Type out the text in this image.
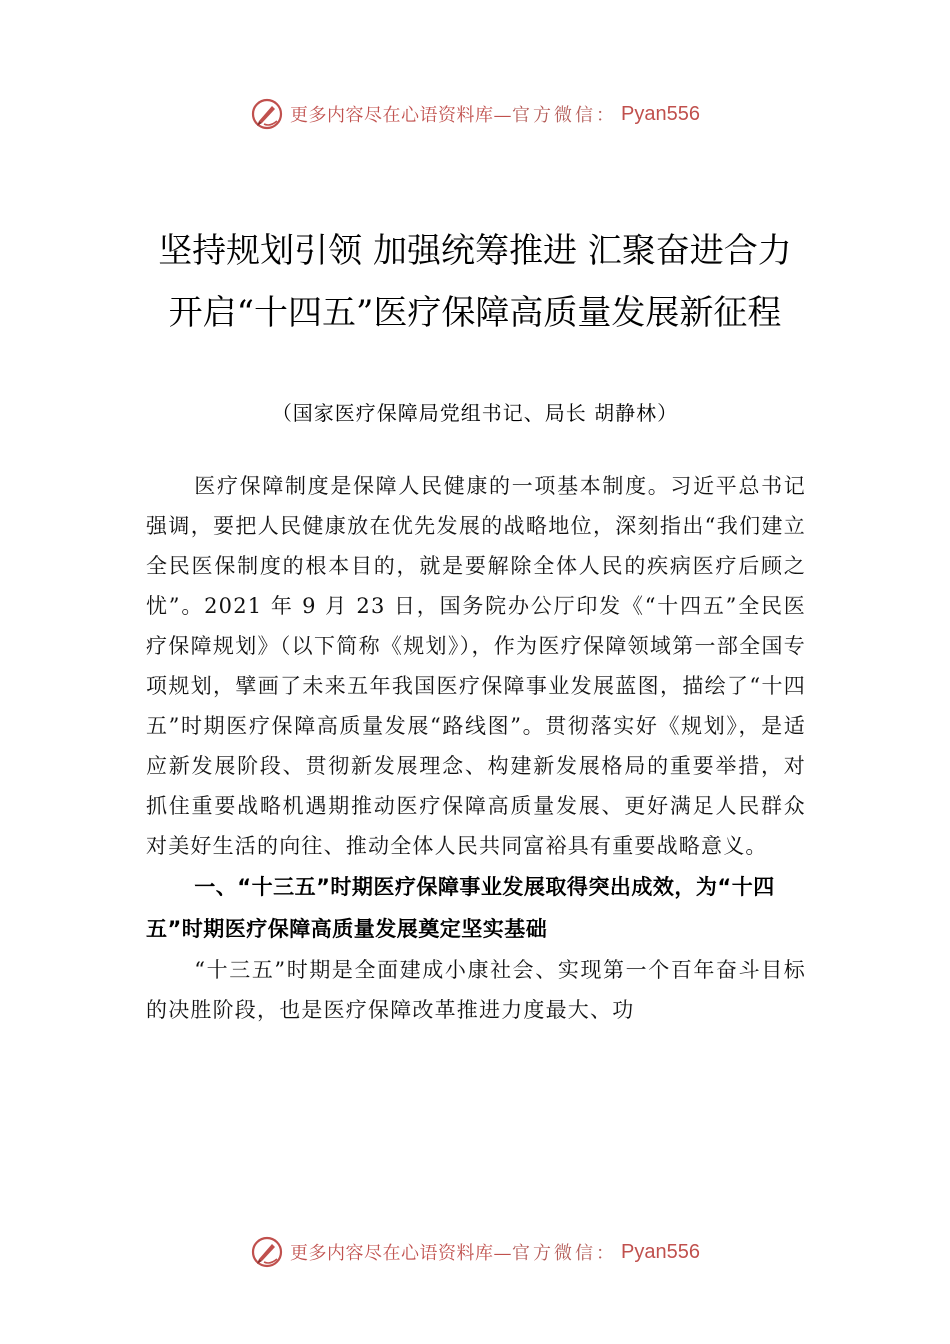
更多内容尽在心语资料库—官方微信： Pyan556
坚持规划引领 加强统筹推进 汇聚奋进合力 开启“十四五”医疗保障高质量发展新征程
（国家医疗保障局党组书记、局长 胡静林）

医疗保障制度是保障人民健康的一项基本制度。习近平总书记强调，要把人民健康放在优先发展的战略地位，深刻指出“我们建立全民医保制度的根本目的，就是要解除全体人民的疾病医疗后顾之忧”。2021 年 9 月 23 日，国务院办公厅印发《“十四五”全民医疗保障规划》（以下简称《规划》），作为医疗保障领域第一部全国专项规划，擘画了未来五年我国医疗保障事业发展蓝图，描绘了“十四五”时期医疗保障高质量发展“路线图”。贯彻落实好《规划》，是适应新发展阶段、贯彻新发展理念、构建新发展格局的重要举措，对抓住重要战略机遇期推动医疗保障高质量发展、更好满足人民群众对美好生活的向往、推动全体人民共同富裕具有重要战略意义。

一、“十三五”时期医疗保障事业发展取得突出成效，为“十四五”时期医疗保障高质量发展奠定坚实基础

“十三五”时期是全面建成小康社会、实现第一个百年奋斗目标的决胜阶段，也是医疗保障改革推进力度最大、功

更多内容尽在心语资料库—官方微信： Pyan556
